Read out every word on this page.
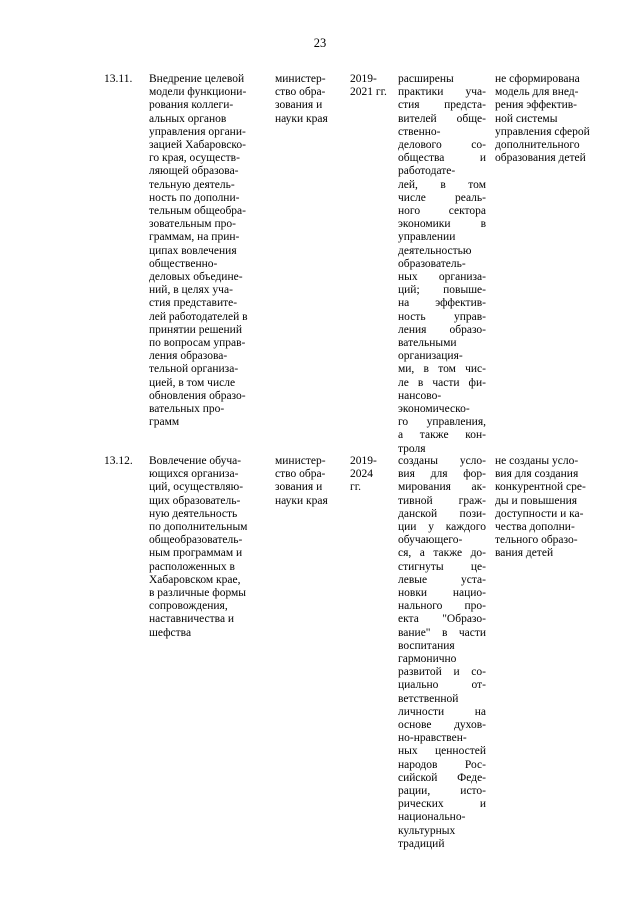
23
13.11.	Внедрение целевой
модели функциони-
рования коллеги-
альных органов
управления органи-
зацией Хабаровско-
го края, осуществ-
ляющей образова-
тельную деятель-
ность по дополни-
тельным общеобра-
зовательным про-
граммам, на прин-
ципах вовлечения
общественно-
деловых объедине-
ний, в целях уча-
стия представите-
лей работодателей в
принятии решений
по вопросам управ-
ления образова-
тельной организа-
цией, в том числе
обновления образо-
вательных про-
грамм
министер-
ство обра-
зования и
науки края
2019-
2021 гг.
расширены
практики уча-
стия предста-
вителей обще-
ственно-
делового со-
общества и
работодате-
лей, в том
числе реаль-
ного сектора
экономики в
управлении
деятельностью
образователь-
ных организа-
ций; повыше-
на эффектив-
ность управ-
ления образо-
вательными
организация-
ми, в том чис-
ле в части фи-
нансово-
экономическо-
го управления,
а также кон-
троля
не сформирована
модель для внед-
рения эффектив-
ной системы
управления сферой
дополнительного
образования детей
13.12.	Вовлечение обуча-
ющихся организа-
ций, осуществляю-
щих образователь-
ную деятельность
по дополнительным
общеобразователь-
ным программам и
расположенных в
Хабаровском крае,
в различные формы
сопровождения,
наставничества и
шефства
министер-
ство обра-
зования и
науки края
2019-
2024
гг.
созданы усло-
вия для фор-
мирования ак-
тивной граж-
данской пози-
ции у каждого
обучающего-
ся, а также до-
стигнуты це-
левые уста-
новки нацио-
нального про-
екта "Образо-
вание" в части
воспитания
гармонично
развитой и со-
циально от-
ветственной
личности на
основе духов-
но-нравствен-
ных ценностей
народов Рос-
сийской Феде-
рации, исто-
рических и
национально-
культурных
традиций
не созданы усло-
вия для создания
конкурентной сре-
ды и повышения
доступности и ка-
чества дополни-
тельного образо-
вания детей
